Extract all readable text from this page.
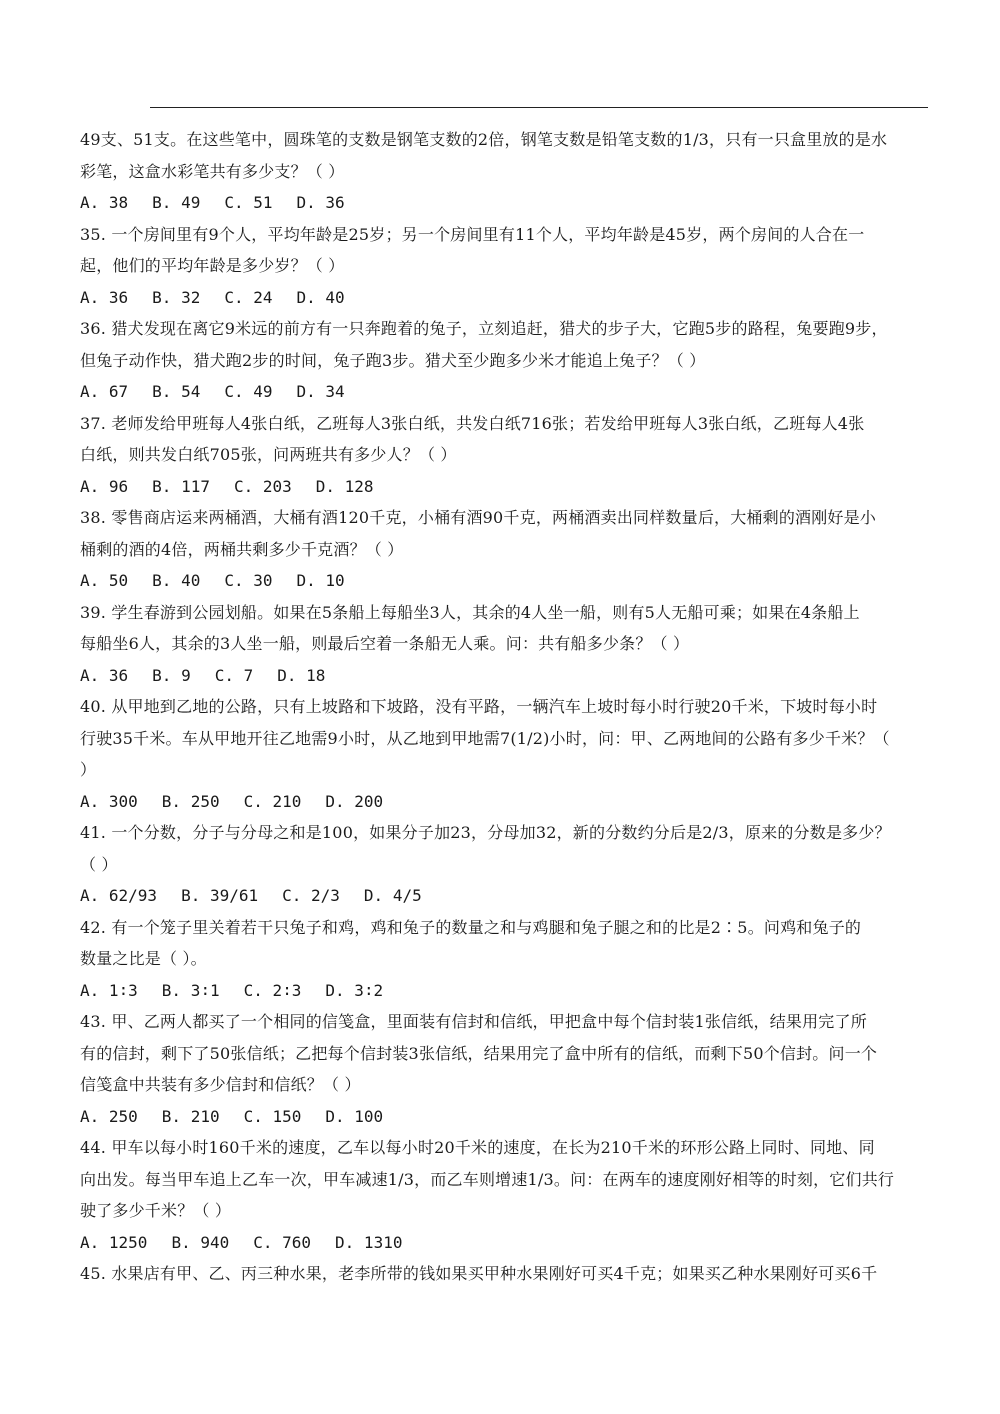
49支、51支。在这些笔中，圆珠笔的支数是钢笔支数的2倍，钢笔支数是铅笔支数的1/3，只有一只盒里放的是水
彩笔，这盒水彩笔共有多少支？（ ）
A. 38 B. 49 C. 51 D. 36
35. 一个房间里有9个人，平均年龄是25岁；另一个房间里有11个人，平均年龄是45岁，两个房间的人合在一
起，他们的平均年龄是多少岁？（ ）
A. 36 B. 32 C. 24 D. 40
36. 猎犬发现在离它9米远的前方有一只奔跑着的兔子，立刻追赶，猎犬的步子大，它跑5步的路程，兔要跑9步，
但兔子动作快，猎犬跑2步的时间，兔子跑3步。猎犬至少跑多少米才能追上兔子？（ ）
A. 67 B. 54 C. 49 D. 34
37. 老师发给甲班每人4张白纸，乙班每人3张白纸，共发白纸716张；若发给甲班每人3张白纸，乙班每人4张
白纸，则共发白纸705张，问两班共有多少人？（ ）
A. 96 B. 117 C. 203 D. 128
38. 零售商店运来两桶酒，大桶有酒120千克，小桶有酒90千克，两桶酒卖出同样数量后，大桶剩的酒刚好是小
桶剩的酒的4倍，两桶共剩多少千克酒？（ ）
A. 50 B. 40 C. 30 D. 10
39. 学生春游到公园划船。如果在5条船上每船坐3人，其余的4人坐一船，则有5人无船可乘；如果在4条船上
每船坐6人，其余的3人坐一船，则最后空着一条船无人乘。问：共有船多少条？（ ）
A. 36 B. 9 C. 7 D. 18
40. 从甲地到乙地的公路，只有上坡路和下坡路，没有平路，一辆汽车上坡时每小时行驶20千米，下坡时每小时
行驶35千米。车从甲地开往乙地需9小时，从乙地到甲地需7(1/2)小时，问：甲、乙两地间的公路有多少千米？（
）
A. 300 B. 250 C. 210 D. 200
41. 一个分数，分子与分母之和是100，如果分子加23，分母加32，新的分数约分后是2/3，原来的分数是多少？
（ ）
A. 62/93 B. 39/61 C. 2/3 D. 4/5
42. 有一个笼子里关着若干只兔子和鸡，鸡和兔子的数量之和与鸡腿和兔子腿之和的比是2∶5。问鸡和兔子的
数量之比是（ ）。
A. 1∶3 B. 3∶1 C. 2∶3 D. 3∶2
43. 甲、乙两人都买了一个相同的信笺盒，里面装有信封和信纸，甲把盒中每个信封装1张信纸，结果用完了所
有的信封，剩下了50张信纸；乙把每个信封装3张信纸，结果用完了盒中所有的信纸，而剩下50个信封。问一个
信笺盒中共装有多少信封和信纸？（ ）
A. 250 B. 210 C. 150 D. 100
44. 甲车以每小时160千米的速度，乙车以每小时20千米的速度，在长为210千米的环形公路上同时、同地、同
向出发。每当甲车追上乙车一次，甲车减速1/3，而乙车则增速1/3。问：在两车的速度刚好相等的时刻，它们共行
驶了多少千米？（ ）
A. 1250 B. 940 C. 760 D. 1310
45. 水果店有甲、乙、丙三种水果，老李所带的钱如果买甲种水果刚好可买4千克；如果买乙种水果刚好可买6千
